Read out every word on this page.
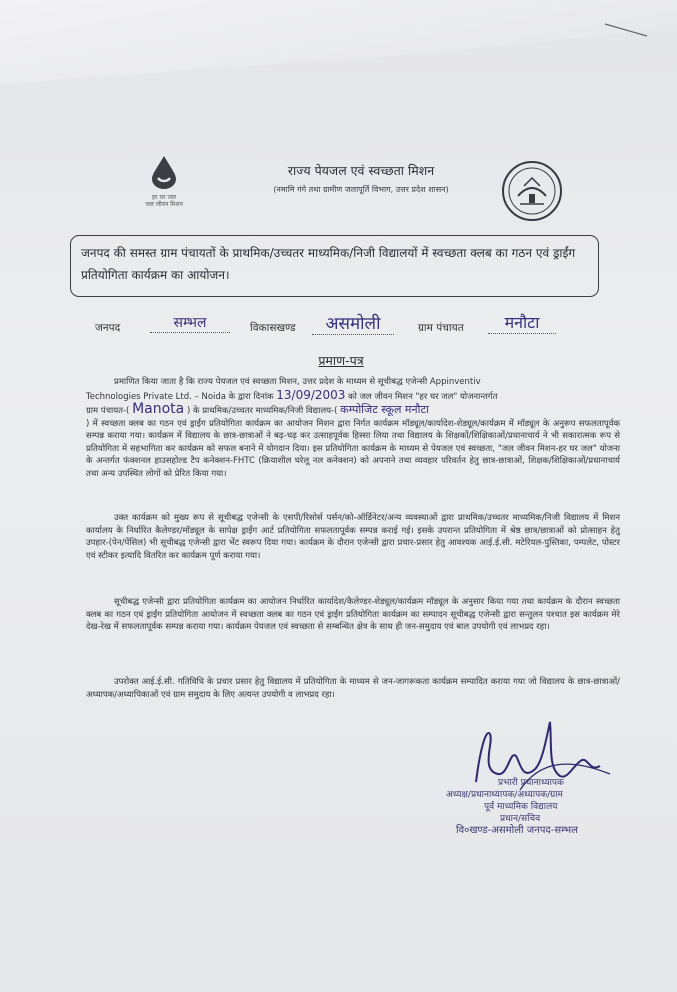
हर घर जल
जल जीवन मिशन
राज्य पेयजल एवं स्वच्छता मिशन
(नमामि गंगे तथा ग्रामीण जलापूर्ति विभाग, उत्तर प्रदेश शासन)
जनपद की समस्त ग्राम पंचायतों के प्राथमिक/उच्चतर माध्यमिक/निजी विद्यालयों में स्वच्छता क्लब का गठन एवं ड्राईंग प्रतियोगिता कार्यक्रम का आयोजन।
जनपद	सम्भल	विकासखण्ड	असमोली	ग्राम पंचायत	मनौटा
प्रमाण-पत्र
प्रमाणित किया जाता है कि राज्य पेयजल एवं स्वच्छता मिशन, उत्तर प्रदेश के माध्यम से सूचीबद्ध एजेन्सी Appinventiv
Technologies Private Ltd. – Noida के द्वारा दिनांक 13/09/2003 को जल जीवन मिशन "हर घर जल" योजनान्तर्गत
ग्राम पंचायत-( Manota ) के प्राथमिक/उच्चतर माध्यमिक/निजी विद्यालय-( कम्पोजिट स्कूल मनौटा
) में स्वच्छता क्लब का गठन एवं ड्राईंग प्रतियोगिता कार्यक्रम का आयोजन मिशन द्वारा निर्गत कार्यक्रम मॉड्यूल/कार्यादेश-शेड्यूल/कार्यक्रम में मॉड्यूल के अनुरूप सफलतापूर्वक सम्पन्न कराया गया। कार्यक्रम में विद्यालय के छात्र-छात्राओं ने बढ़-चढ़ कर उत्साहपूर्वक हिस्सा लिया तथा विद्यालय के शिक्षकों/शिक्षिकाओं/प्रधानाचार्य ने भी सकारात्मक रूप से प्रतियोगिता में सहभागिता कर कार्यक्रम को सफल बनाने में योगदान दिया। इस प्रतियोगिता कार्यक्रम के माध्यम से पेयजल एवं स्वच्छता, "जल जीवन मिशन-हर घर जल" योजना के अन्तर्गत फंक्शनल हाउसहोल्ड टैप कनेक्शन-FHTC (क्रियाशील घरेलू नल कनेक्शन) को अपनाने तथा व्यवहार परिवर्तन हेतु छात्र-छात्राओं, शिक्षक/शिक्षिकाओं/प्रधानाचार्य तथा अन्य उपस्थित लोगों को प्रेरित किया गया।
उक्त कार्यक्रम को मुख्य रूप से सूचीबद्ध एजेन्सी के एसपी/रिसोर्स पर्सन/को-ऑर्डिनेटर/अन्य व्यवस्थाओं द्वारा प्राथमिक/उच्चतर माध्यमिक/निजी विद्यालय में मिशन कार्यालय के निर्धारित कैलेण्डर/मॉड्यूल के सापेक्ष ड्राईंग आर्ट प्रतियोगिता सफलतापूर्वक सम्पन्न कराई गई। इसके उपरान्त प्रतियोगिता में श्रेष्ठ छात्र/छात्राओं को प्रोत्साहन हेतु उपहार-(पेन/पेंसिल) भी सूचीबद्ध एजेन्सी द्वारा भेंट स्वरूप दिया गया। कार्यक्रम के दौरान एजेन्सी द्वारा प्रचार-प्रसार हेतु आवश्यक आई.ई.सी. मटेरियल-पुस्तिका, पम्पलेट, पोस्टर एवं स्टीकर इत्यादि वितरित कर कार्यक्रम पूर्ण कराया गया।
सूचीबद्ध एजेन्सी द्वारा प्रतियोगिता कार्यक्रम का आयोजन निर्धारित कार्यादेश/कैलेण्डर-शेड्यूल/कार्यक्रम मॉड्यूल के अनुसार किया गया तथा कार्यक्रम के दौरान स्वच्छता क्लब का गठन एवं ड्राईंग प्रतियोगिता आयोजन में स्वच्छता क्लब का गठन एवं ड्राईंग प्रतियोगिता कार्यक्रम का सम्पादन सूचीबद्ध एजेन्सी द्वारा सन्तुलन पश्चात इस कार्यक्रम मेरे देख-रेख में सफलतापूर्वक सम्पन्न कराया गया। कार्यक्रम पेयजल एवं स्वच्छता से सम्बन्धित क्षेत्र के साथ ही जन-समुदाय एवं बाल उपयोगी एवं लाभप्रद रहा।
उपरोक्त आई.ई.सी. गतिविधि के प्रचार प्रसार हेतु विद्यालय में प्रतियोगिता के माध्यम से जन-जागरूकता कार्यक्रम सम्पादित कराया गया जो विद्यालय के छात्र-छात्राओं/अध्यापक/अध्यापिकाओं एवं ग्राम समुदाय के लिए अत्यन्त उपयोगी व लाभप्रद रहा।
प्रभारी प्रधानाध्यापक
अध्यक्ष/प्रधानाध्यापक/अध्यापक/ग्राम
पूर्व माध्यमिक विद्यालय
प्रधान/सचिव
वि०खण्ड-असमोली जनपद-सम्भल
